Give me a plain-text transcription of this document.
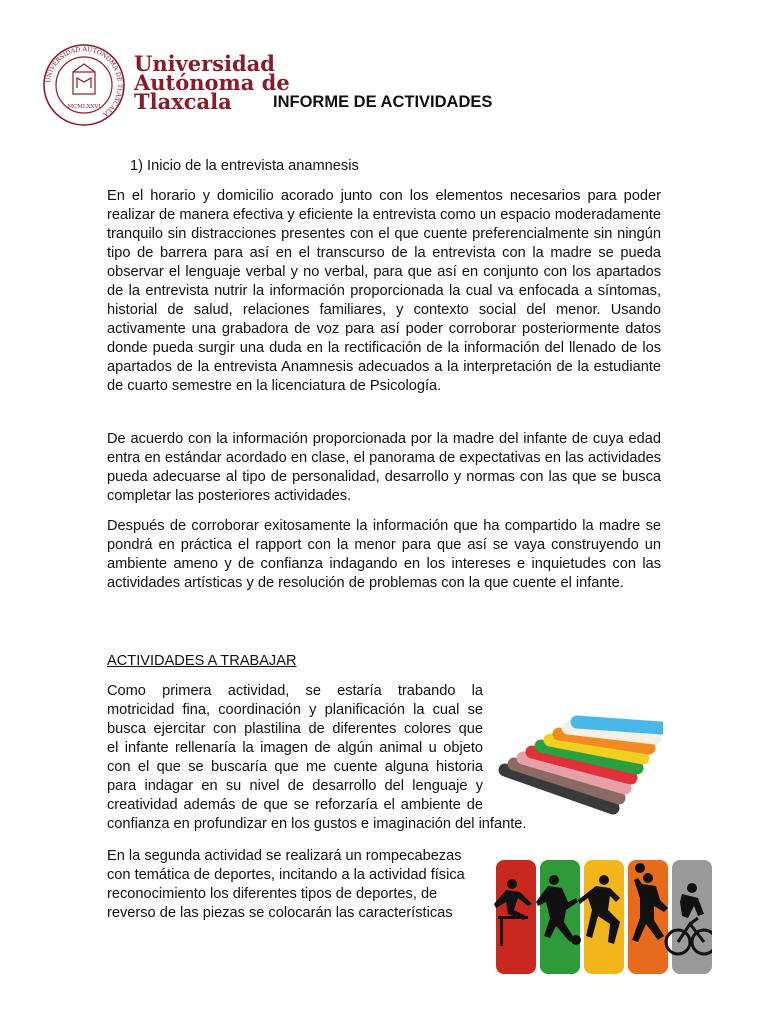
UNIVERSIDAD AUTÓNOMA DE TLAXCALA
MCMLXXVI
Universidad
Autónoma de
Tlaxcala	INFORME DE ACTIVIDADES
1) Inicio de la entrevista anamnesis

En el horario y domicilio acorado junto con los elementos necesarios para poder realizar de manera efectiva y eficiente la entrevista como un espacio moderadamente tranquilo sin distracciones presentes con el que cuente preferencialmente sin ningún tipo de barrera para así en el transcurso de la entrevista con la madre se pueda observar el lenguaje verbal y no verbal, para que así en conjunto con los apartados de la entrevista nutrir la información proporcionada la cual va enfocada a síntomas, historial de salud, relaciones familiares, y contexto social del menor. Usando activamente una grabadora de voz para así poder corroborar posteriormente datos donde pueda surgir una duda en la rectificación de la información del llenado de los apartados de la entrevista Anamnesis adecuados a la interpretación de la estudiante de cuarto semestre en la licenciatura de Psicología.

De acuerdo con la información proporcionada por la madre del infante de cuya edad entra en estándar acordado en clase, el panorama de expectativas en las actividades pueda adecuarse al tipo de personalidad, desarrollo y normas con las que se busca completar las posteriores actividades.

Después de corroborar exitosamente la información que ha compartido la madre se pondrá en práctica el rapport con la menor para que así se vaya construyendo un ambiente ameno y de confianza indagando en los intereses e inquietudes con las actividades artísticas y de resolución de problemas con la que cuente el infante.

ACTIVIDADES A TRABAJAR
Como primera actividad, se estaría trabando la
motricidad fina, coordinación y planificación la cual se
busca ejercitar con plastilina de diferentes colores que
el infante rellenaría la imagen de algún animal u objeto
con el que se buscaría que me cuente alguna historia
para indagar en su nivel de desarrollo del lenguaje y
creatividad además de que se reforzaría el ambiente de
confianza en profundizar en los gustos e imaginación del infante.
En la segunda actividad se realizará un rompecabezas
con temática de deportes, incitando a la actividad física
reconocimiento los diferentes tipos de deportes, de
reverso de las piezas se colocarán las características
